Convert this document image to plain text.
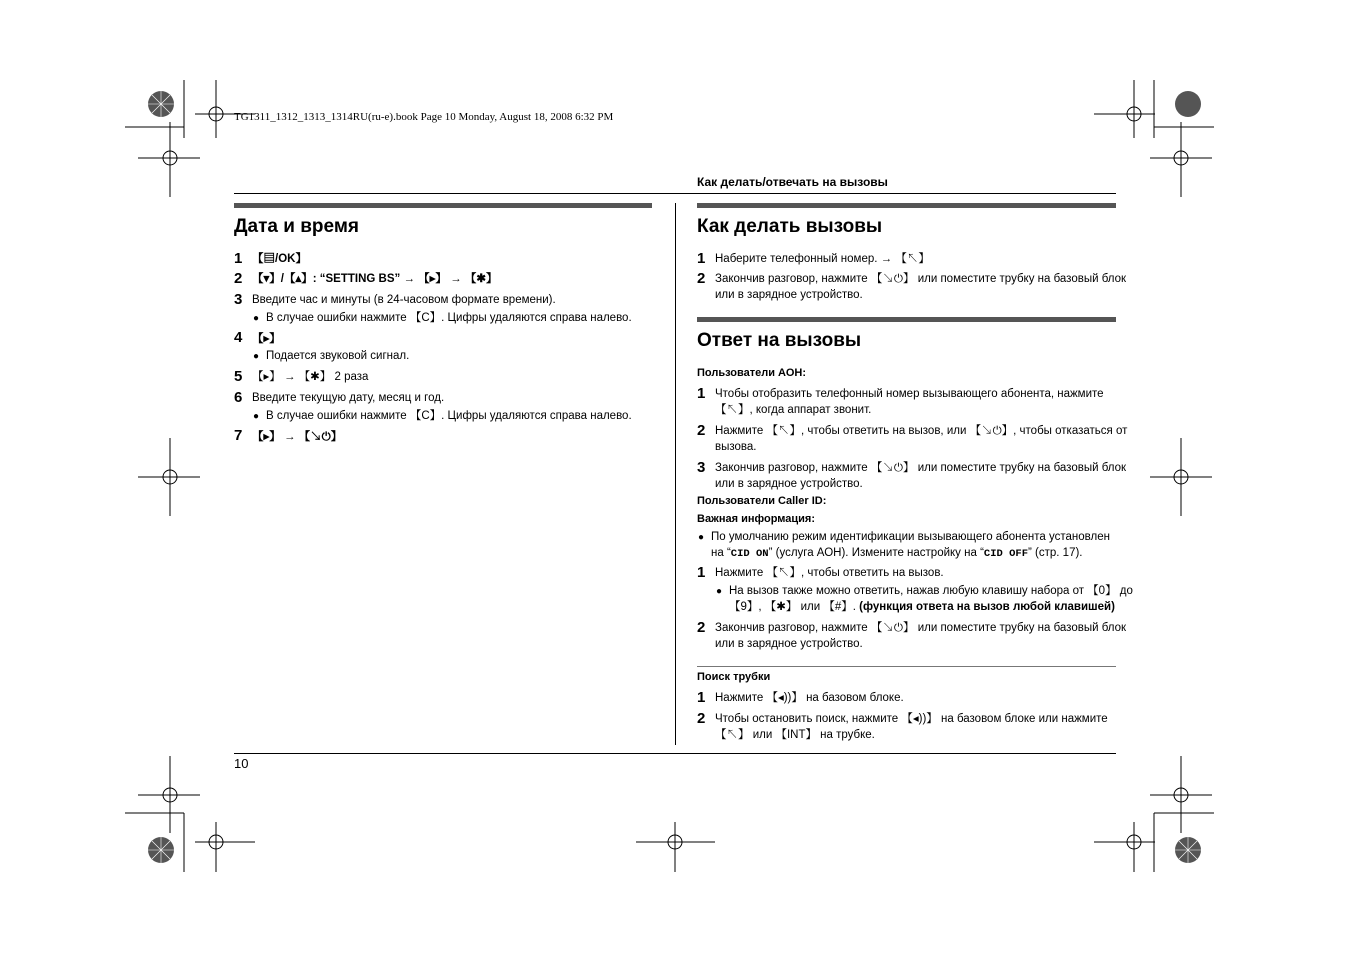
TG1311_1312_1313_1314RU(ru-e).book Page 10 Monday, August 18, 2008 6:32 PM
Как делать/отвечать на вызовы
Дата и время
1 【▤/OK】
2 【▾】/【▴】: “SETTING BS” → 【▸】 → 【✱】
3 Введите час и минуты (в 24-часовом формате времени).
● В случае ошибки нажмите 【C】. Цифры удаляются справа налево.
4 【▸】
● Подается звуковой сигнал.
5 【▸】 → 【✱】 2 раза
6 Введите текущую дату, месяц и год.
● В случае ошибки нажмите 【C】. Цифры удаляются справа налево.
7 【▸】 → 【↘⏻】
Как делать вызовы
1 Наберите телефонный номер. → 【↖】
2 Закончив разговор, нажмите 【↘⏻】 или поместите трубку на базовый блок
или в зарядное устройство.
Ответ на вызовы
Пользователи АОН:
1 Чтобы отобразить телефонный номер вызывающего абонента, нажмите
【↖】, когда аппарат звонит.
2 Нажмите 【↖】, чтобы ответить на вызов, или 【↘⏻】, чтобы отказаться от
вызова.
3 Закончив разговор, нажмите 【↘⏻】 или поместите трубку на базовый блок
или в зарядное устройство.
Пользователи Caller ID:
Важная информация:
● По умолчанию режим идентификации вызывающего абонента установлен
на “CID ON” (услуга АОН). Измените настройку на “CID OFF” (стр. 17).
1 Нажмите 【↖】, чтобы ответить на вызов.
● На вызов также можно ответить, нажав любую клавишу набора от 【0】 до
【9】, 【✱】 или 【#】. (функция ответа на вызов любой клавишей)
2 Закончив разговор, нажмите 【↘⏻】 или поместите трубку на базовый блок
или в зарядное устройство.
Поиск трубки
1 Нажмите 【◂))】 на базовом блоке.
2 Чтобы остановить поиск, нажмите 【◂))】 на базовом блоке или нажмите
【↖】 или 【INT】 на трубке.
10
